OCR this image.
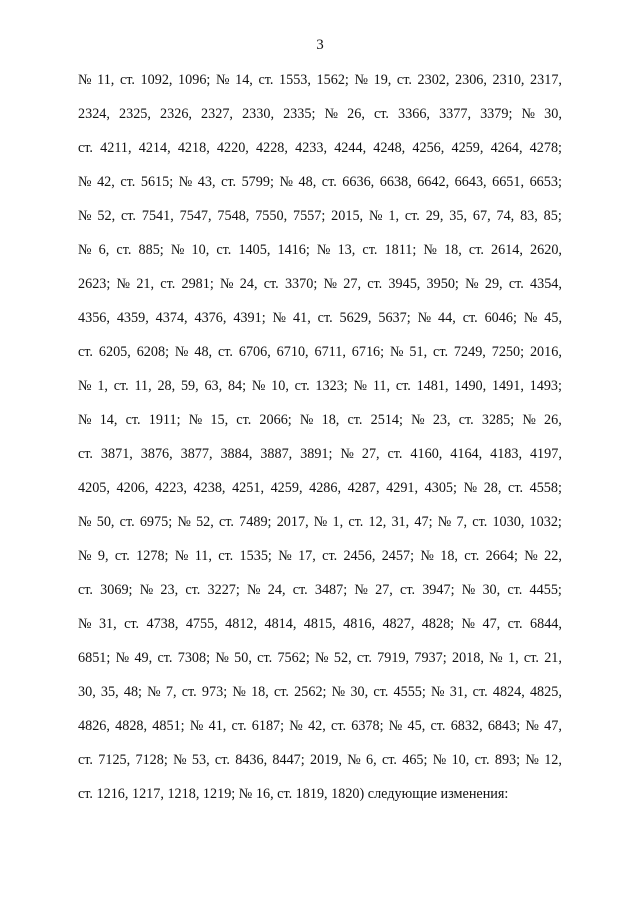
3
№ 11, ст. 1092, 1096; № 14, ст. 1553, 1562; № 19, ст. 2302, 2306, 2310, 2317,
2324, 2325, 2326, 2327, 2330, 2335; № 26, ст. 3366, 3377, 3379; № 30,
ст. 4211, 4214, 4218, 4220, 4228, 4233, 4244, 4248, 4256, 4259, 4264, 4278;
№ 42, ст. 5615; № 43, ст. 5799; № 48, ст. 6636, 6638, 6642, 6643, 6651, 6653;
№ 52, ст. 7541, 7547, 7548, 7550, 7557; 2015, № 1, ст. 29, 35, 67, 74, 83, 85;
№ 6, ст. 885; № 10, ст. 1405, 1416; № 13, ст. 1811; № 18, ст. 2614, 2620,
2623; № 21, ст. 2981; № 24, ст. 3370; № 27, ст. 3945, 3950; № 29, ст. 4354,
4356, 4359, 4374, 4376, 4391; № 41, ст. 5629, 5637; № 44, ст. 6046; № 45,
ст. 6205, 6208; № 48, ст. 6706, 6710, 6711, 6716; № 51, ст. 7249, 7250; 2016,
№ 1, ст. 11, 28, 59, 63, 84; № 10, ст. 1323; № 11, ст. 1481, 1490, 1491, 1493;
№ 14, ст. 1911; № 15, ст. 2066; № 18, ст. 2514; № 23, ст. 3285; № 26,
ст. 3871, 3876, 3877, 3884, 3887, 3891; № 27, ст. 4160, 4164, 4183, 4197,
4205, 4206, 4223, 4238, 4251, 4259, 4286, 4287, 4291, 4305; № 28, ст. 4558;
№ 50, ст. 6975; № 52, ст. 7489; 2017, № 1, ст. 12, 31, 47; № 7, ст. 1030, 1032;
№ 9, ст. 1278; № 11, ст. 1535; № 17, ст. 2456, 2457; № 18, ст. 2664; № 22,
ст. 3069; № 23, ст. 3227; № 24, ст. 3487; № 27, ст. 3947; № 30, ст. 4455;
№ 31, ст. 4738, 4755, 4812, 4814, 4815, 4816, 4827, 4828; № 47, ст. 6844,
6851; № 49, ст. 7308; № 50, ст. 7562; № 52, ст. 7919, 7937; 2018, № 1, ст. 21,
30, 35, 48; № 7, ст. 973; № 18, ст. 2562; № 30, ст. 4555; № 31, ст. 4824, 4825,
4826, 4828, 4851; № 41, ст. 6187; № 42, ст. 6378; № 45, ст. 6832, 6843; № 47,
ст. 7125, 7128; № 53, ст. 8436, 8447; 2019, № 6, ст. 465; № 10, ст. 893; № 12,
ст. 1216, 1217, 1218, 1219; № 16, ст. 1819, 1820) следующие изменения:
